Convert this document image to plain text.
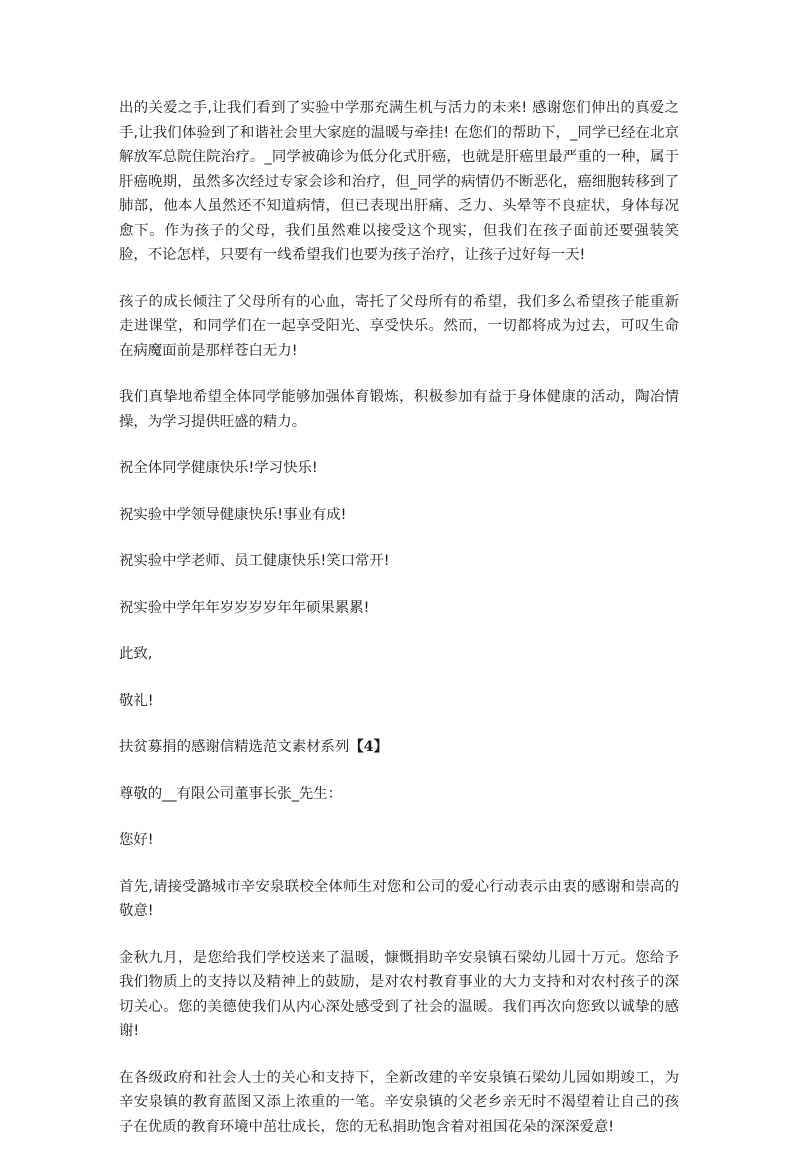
出的关爱之手,让我们看到了实验中学那充满生机与活力的未来! 感谢您们伸出的真爱之手,让我们体验到了和谐社会里大家庭的温暖与牵挂! 在您们的帮助下，_同学已经在北京解放军总院住院治疗。_同学被确诊为低分化式肝癌，也就是肝癌里最严重的一种，属于肝癌晚期，虽然多次经过专家会诊和治疗，但_同学的病情仍不断恶化，癌细胞转移到了肺部，他本人虽然还不知道病情，但已表现出肝痛、乏力、头晕等不良症状，身体每况愈下。作为孩子的父母，我们虽然难以接受这个现实，但我们在孩子面前还要强装笑脸，不论怎样，只要有一线希望我们也要为孩子治疗，让孩子过好每一天!

孩子的成长倾注了父母所有的心血，寄托了父母所有的希望，我们多么希望孩子能重新走进课堂，和同学们在一起享受阳光、享受快乐。然而，一切都将成为过去，可叹生命在病魔面前是那样苍白无力!

我们真挚地希望全体同学能够加强体育锻炼，积极参加有益于身体健康的活动，陶冶情操，为学习提供旺盛的精力。

祝全体同学健康快乐!学习快乐!

祝实验中学领导健康快乐!事业有成!

祝实验中学老师、员工健康快乐!笑口常开!

祝实验中学年年岁岁岁岁年年硕果累累!

此致,

敬礼!

扶贫募捐的感谢信精选范文素材系列【4】

尊敬的__有限公司董事长张_先生：

您好!

首先,请接受潞城市辛安泉联校全体师生对您和公司的爱心行动表示由衷的感谢和崇高的敬意!

金秋九月，是您给我们学校送来了温暖，慷慨捐助辛安泉镇石梁幼儿园十万元。您给予我们物质上的支持以及精神上的鼓励，是对农村教育事业的大力支持和对农村孩子的深切关心。您的美德使我们从内心深处感受到了社会的温暖。我们再次向您致以诚挚的感谢!

在各级政府和社会人士的关心和支持下，全新改建的辛安泉镇石梁幼儿园如期竣工，为辛安泉镇的教育蓝图又添上浓重的一笔。辛安泉镇的父老乡亲无时不渴望着让自己的孩子在优质的教育环境中茁壮成长，您的无私捐助饱含着对祖国花朵的深深爱意!
